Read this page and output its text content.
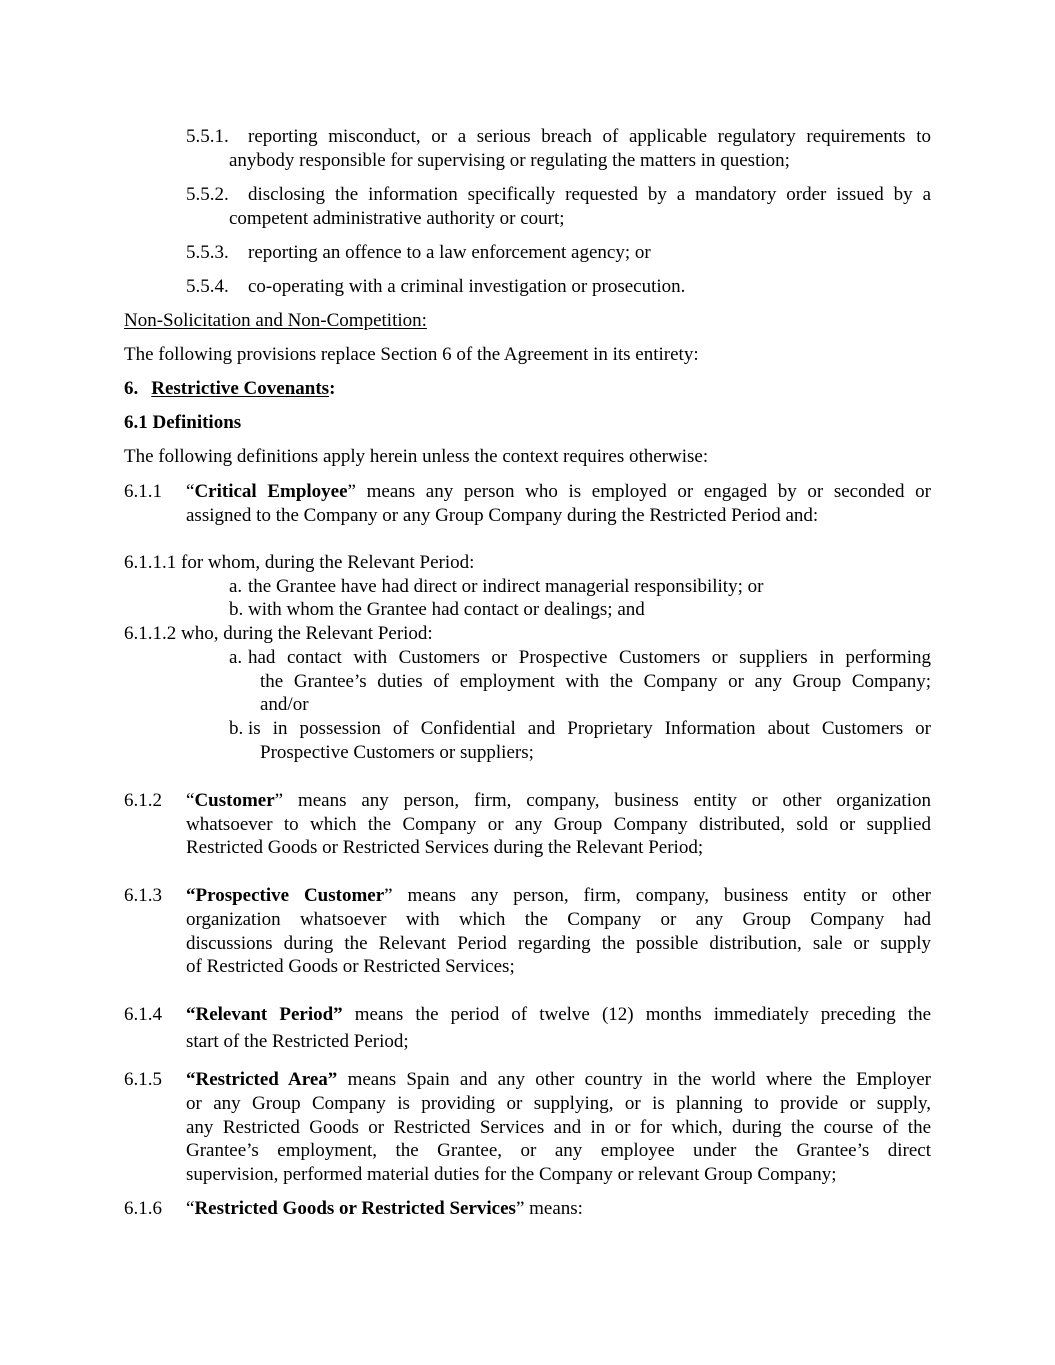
5.5.1. reporting misconduct, or a serious breach of applicable regulatory requirements to
anybody responsible for supervising or regulating the matters in question;
5.5.2. disclosing the information specifically requested by a mandatory order issued by a
competent administrative authority or court;
5.5.3. reporting an offence to a law enforcement agency; or
5.5.4. co-operating with a criminal investigation or prosecution.
Non-Solicitation and Non-Competition:
The following provisions replace Section 6 of the Agreement in its entirety:
6. Restrictive Covenants:
6.1 Definitions
The following definitions apply herein unless the context requires otherwise:
6.1.1 “Critical Employee” means any person who is employed or engaged by or seconded or
assigned to the Company or any Group Company during the Restricted Period and:
6.1.1.1 for whom, during the Relevant Period:
a. the Grantee have had direct or indirect managerial responsibility; or
b. with whom the Grantee had contact or dealings; and
6.1.1.2 who, during the Relevant Period:
a. had contact with Customers or Prospective Customers or suppliers in performing
the Grantee’s duties of employment with the Company or any Group Company;
and/or
b. is in possession of Confidential and Proprietary Information about Customers or
Prospective Customers or suppliers;
6.1.2 “Customer” means any person, firm, company, business entity or other organization
whatsoever to which the Company or any Group Company distributed, sold or supplied
Restricted Goods or Restricted Services during the Relevant Period;
6.1.3 “Prospective Customer” means any person, firm, company, business entity or other
organization whatsoever with which the Company or any Group Company had
discussions during the Relevant Period regarding the possible distribution, sale or supply
of Restricted Goods or Restricted Services;
6.1.4 “Relevant Period” means the period of twelve (12) months immediately preceding the
start of the Restricted Period;
6.1.5 “Restricted Area” means Spain and any other country in the world where the Employer
or any Group Company is providing or supplying, or is planning to provide or supply,
any Restricted Goods or Restricted Services and in or for which, during the course of the
Grantee’s employment, the Grantee, or any employee under the Grantee’s direct
supervision, performed material duties for the Company or relevant Group Company;
6.1.6 “Restricted Goods or Restricted Services” means:
